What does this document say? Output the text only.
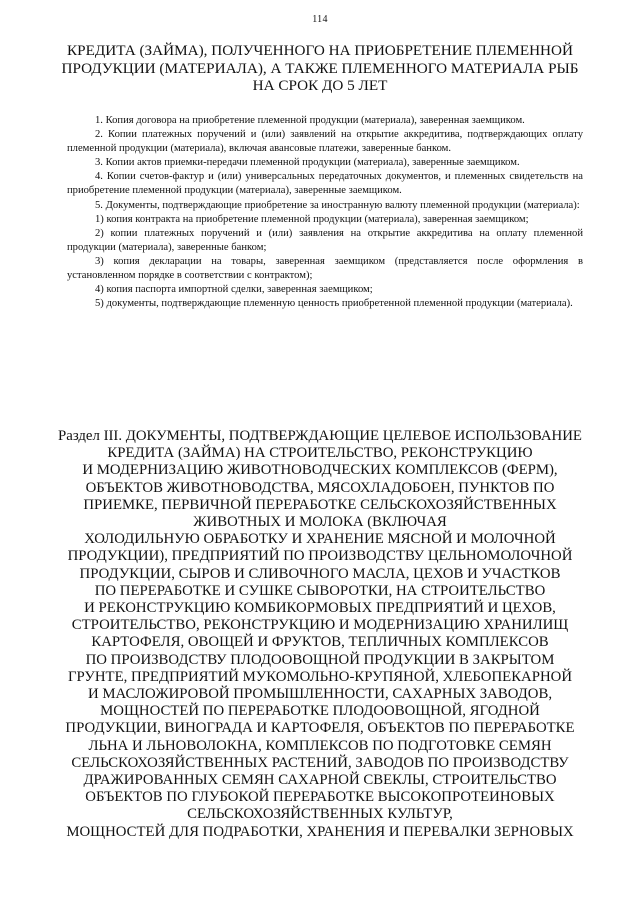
114
КРЕДИТА (ЗАЙМА), ПОЛУЧЕННОГО НА ПРИОБРЕТЕНИЕ ПЛЕМЕННОЙ
ПРОДУКЦИИ (МАТЕРИАЛА), А ТАКЖЕ ПЛЕМЕННОГО МАТЕРИАЛА РЫБ
НА СРОК ДО 5 ЛЕТ

1. Копия договора на приобретение племенной продукции (материала), заверенная заемщиком.

2. Копии платежных поручений и (или) заявлений на открытие аккредитива, подтверждающих оплату племенной продукции (материала), включая авансовые платежи, заверенные банком.

3. Копии актов приемки-передачи племенной продукции (материала), заверенные заемщиком.

4. Копии счетов-фактур и (или) универсальных передаточных документов, и племенных свидетельств на приобретение племенной продукции (материала), заверенные заемщиком.

5. Документы, подтверждающие приобретение за иностранную валюту племенной продукции (материала):

1) копия контракта на приобретение племенной продукции (материала), заверенная заемщиком;

2) копии платежных поручений и (или) заявления на открытие аккредитива на оплату племенной продукции (материала), заверенные банком;

3) копия декларации на товары, заверенная заемщиком (представляется после оформления в установленном порядке в соответствии с контрактом);

4) копия паспорта импортной сделки, заверенная заемщиком;

5) документы, подтверждающие племенную ценность приобретенной племенной продукции (материала).

Раздел III. ДОКУМЕНТЫ, ПОДТВЕРЖДАЮЩИЕ ЦЕЛЕВОЕ ИСПОЛЬЗОВАНИЕ
КРЕДИТА (ЗАЙМА) НА СТРОИТЕЛЬСТВО, РЕКОНСТРУКЦИЮ
И МОДЕРНИЗАЦИЮ ЖИВОТНОВОДЧЕСКИХ КОМПЛЕКСОВ (ФЕРМ),
ОБЪЕКТОВ ЖИВОТНОВОДСТВА, МЯСОХЛАДОБОЕН, ПУНКТОВ ПО
ПРИЕМКЕ, ПЕРВИЧНОЙ ПЕРЕРАБОТКЕ СЕЛЬСКОХОЗЯЙСТВЕННЫХ
ЖИВОТНЫХ И МОЛОКА (ВКЛЮЧАЯ
ХОЛОДИЛЬНУЮ ОБРАБОТКУ И ХРАНЕНИЕ МЯСНОЙ И МОЛОЧНОЙ
ПРОДУКЦИИ), ПРЕДПРИЯТИЙ ПО ПРОИЗВОДСТВУ ЦЕЛЬНОМОЛОЧНОЙ
ПРОДУКЦИИ, СЫРОВ И СЛИВОЧНОГО МАСЛА, ЦЕХОВ И УЧАСТКОВ
ПО ПЕРЕРАБОТКЕ И СУШКЕ СЫВОРОТКИ, НА СТРОИТЕЛЬСТВО
И РЕКОНСТРУКЦИЮ КОМБИКОРМОВЫХ ПРЕДПРИЯТИЙ И ЦЕХОВ,
СТРОИТЕЛЬСТВО, РЕКОНСТРУКЦИЮ И МОДЕРНИЗАЦИЮ ХРАНИЛИЩ
КАРТОФЕЛЯ, ОВОЩЕЙ И ФРУКТОВ, ТЕПЛИЧНЫХ КОМПЛЕКСОВ
ПО ПРОИЗВОДСТВУ ПЛОДООВОЩНОЙ ПРОДУКЦИИ В ЗАКРЫТОМ
ГРУНТЕ, ПРЕДПРИЯТИЙ МУКОМОЛЬНО-КРУПЯНОЙ, ХЛЕБОПЕКАРНОЙ
И МАСЛОЖИРОВОЙ ПРОМЫШЛЕННОСТИ, САХАРНЫХ ЗАВОДОВ,
МОЩНОСТЕЙ ПО ПЕРЕРАБОТКЕ ПЛОДООВОЩНОЙ, ЯГОДНОЙ
ПРОДУКЦИИ, ВИНОГРАДА И КАРТОФЕЛЯ, ОБЪЕКТОВ ПО ПЕРЕРАБОТКЕ
ЛЬНА И ЛЬНОВОЛОКНА, КОМПЛЕКСОВ ПО ПОДГОТОВКЕ СЕМЯН
СЕЛЬСКОХОЗЯЙСТВЕННЫХ РАСТЕНИЙ, ЗАВОДОВ ПО ПРОИЗВОДСТВУ
ДРАЖИРОВАННЫХ СЕМЯН САХАРНОЙ СВЕКЛЫ, СТРОИТЕЛЬСТВО
ОБЪЕКТОВ ПО ГЛУБОКОЙ ПЕРЕРАБОТКЕ ВЫСОКОПРОТЕИНОВЫХ
СЕЛЬСКОХОЗЯЙСТВЕННЫХ КУЛЬТУР,
МОЩНОСТЕЙ ДЛЯ ПОДРАБОТКИ, ХРАНЕНИЯ И ПЕРЕВАЛКИ ЗЕРНОВЫХ
